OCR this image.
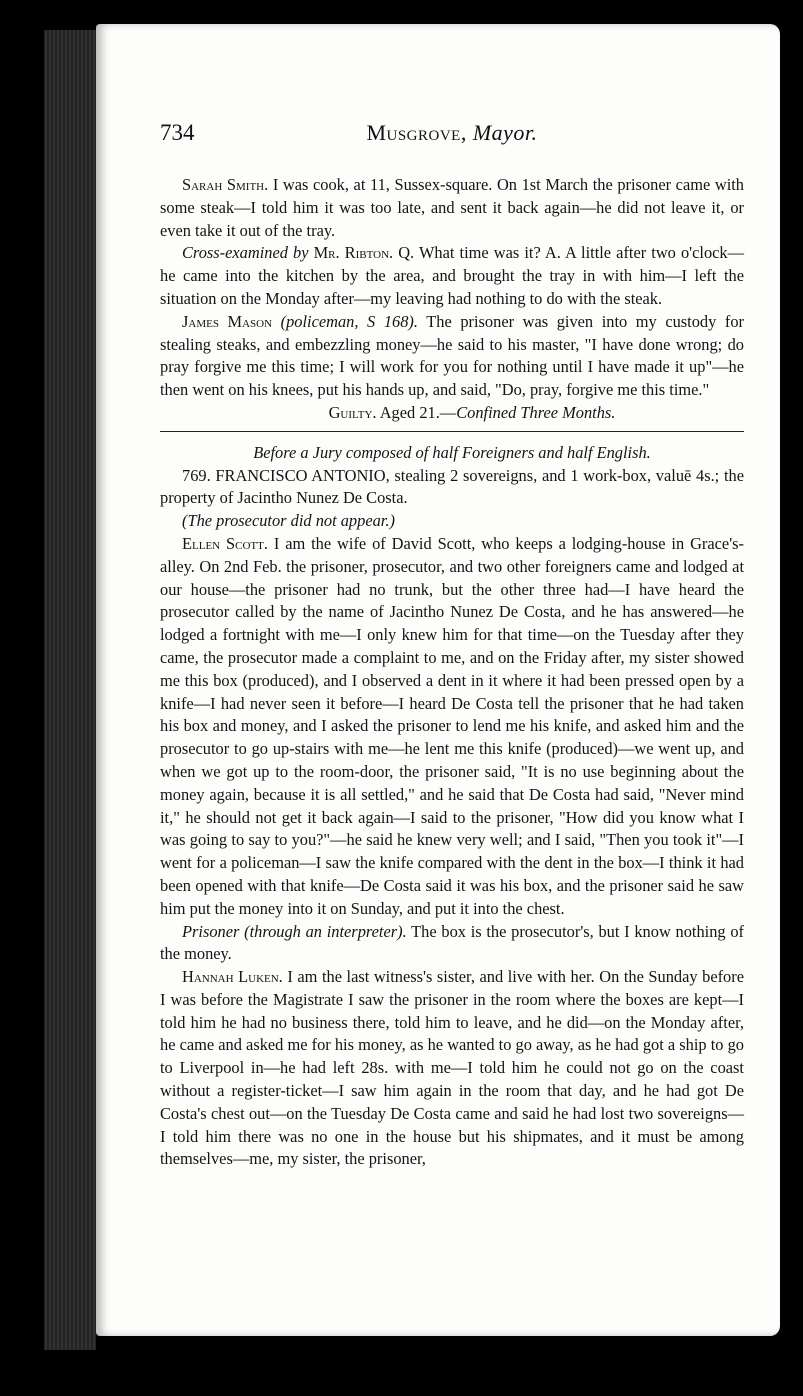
734	Musgrove, Mayor.

Sarah Smith. I was cook, at 11, Sussex-square. On 1st March the prisoner came with some steak—I told him it was too late, and sent it back again—he did not leave it, or even take it out of the tray.

Cross-examined by Mr. Ribton. Q. What time was it? A. A little after two o'clock—he came into the kitchen by the area, and brought the tray in with him—I left the situation on the Monday after—my leaving had nothing to do with the steak.

James Mason (policeman, S 168). The prisoner was given into my custody for stealing steaks, and embezzling money—he said to his master, "I have done wrong; do pray forgive me this time; I will work for you for nothing until I have made it up"—he then went on his knees, put his hands up, and said, "Do, pray, forgive me this time."

Guilty. Aged 21.—Confined Three Months.

Before a Jury composed of half Foreigners and half English.

769. FRANCISCO ANTONIO, stealing 2 sovereigns, and 1 work-box, valuē 4s.; the property of Jacintho Nunez De Costa.

(The prosecutor did not appear.)

Ellen Scott. I am the wife of David Scott, who keeps a lodging-house in Grace's-alley. On 2nd Feb. the prisoner, prosecutor, and two other foreigners came and lodged at our house—the prisoner had no trunk, but the other three had—I have heard the prosecutor called by the name of Jacintho Nunez De Costa, and he has answered—he lodged a fortnight with me—I only knew him for that time—on the Tuesday after they came, the prosecutor made a complaint to me, and on the Friday after, my sister showed me this box (produced), and I observed a dent in it where it had been pressed open by a knife—I had never seen it before—I heard De Costa tell the prisoner that he had taken his box and money, and I asked the prisoner to lend me his knife, and asked him and the prosecutor to go up-stairs with me—he lent me this knife (produced)—we went up, and when we got up to the room-door, the prisoner said, "It is no use beginning about the money again, because it is all settled," and he said that De Costa had said, "Never mind it," he should not get it back again—I said to the prisoner, "How did you know what I was going to say to you?"—he said he knew very well; and I said, "Then you took it"—I went for a policeman—I saw the knife compared with the dent in the box—I think it had been opened with that knife—De Costa said it was his box, and the prisoner said he saw him put the money into it on Sunday, and put it into the chest.

Prisoner (through an interpreter). The box is the prosecutor's, but I know nothing of the money.

Hannah Luken. I am the last witness's sister, and live with her. On the Sunday before I was before the Magistrate I saw the prisoner in the room where the boxes are kept—I told him he had no business there, told him to leave, and he did—on the Monday after, he came and asked me for his money, as he wanted to go away, as he had got a ship to go to Liverpool in—he had left 28s. with me—I told him he could not go on the coast without a register-ticket—I saw him again in the room that day, and he had got De Costa's chest out—on the Tuesday De Costa came and said he had lost two sovereigns—I told him there was no one in the house but his shipmates, and it must be among themselves—me, my sister, the prisoner,
